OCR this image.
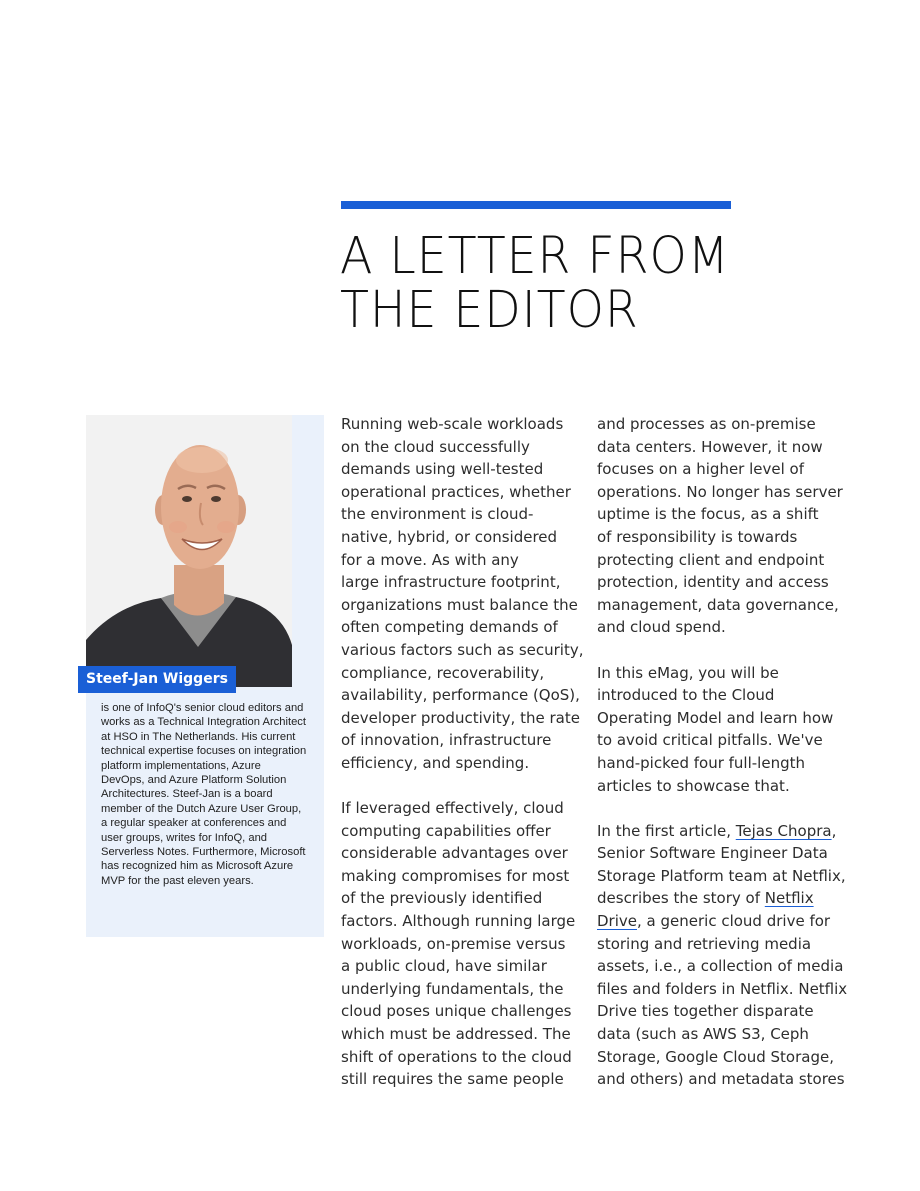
A LETTER FROM
THE EDITOR
Steef-Jan Wiggers

is one of InfoQ's senior cloud editors and works as a Technical Integration Architect at HSO in The Netherlands. His current technical expertise focuses on integration platform implementations, Azure DevOps, and Azure Platform Solution Architectures. Steef-Jan is a board member of the Dutch Azure User Group, a regular speaker at conferences and user groups, writes for InfoQ, and Serverless Notes. Furthermore, Microsoft has recognized him as Microsoft Azure MVP for the past eleven years.

Running web-scale workloads
on the cloud successfully
demands using well-tested
operational practices, whether
the environment is cloud-
native, hybrid, or considered
for a move. As with any
large infrastructure footprint,
organizations must balance the
often competing demands of
various factors such as security,
compliance, recoverability,
availability, performance (QoS),
developer productivity, the rate
of innovation, infrastructure
efficiency, and spending.

If leveraged effectively, cloud
computing capabilities offer
considerable advantages over
making compromises for most
of the previously identified
factors. Although running large
workloads, on-premise versus
a public cloud, have similar
underlying fundamentals, the
cloud poses unique challenges
which must be addressed. The
shift of operations to the cloud
still requires the same people

and processes as on-premise
data centers. However, it now
focuses on a higher level of
operations. No longer has server
uptime is the focus, as a shift
of responsibility is towards
protecting client and endpoint
protection, identity and access
management, data governance,
and cloud spend.

In this eMag, you will be
introduced to the Cloud
Operating Model and learn how
to avoid critical pitfalls. We've
hand-picked four full-length
articles to showcase that.

In the first article, Tejas Chopra,
Senior Software Engineer Data
Storage Platform team at Netflix,
describes the story of Netflix
Drive, a generic cloud drive for
storing and retrieving media
assets, i.e., a collection of media
files and folders in Netflix. Netflix
Drive ties together disparate
data (such as AWS S3, Ceph
Storage, Google Cloud Storage,
and others) and metadata stores
